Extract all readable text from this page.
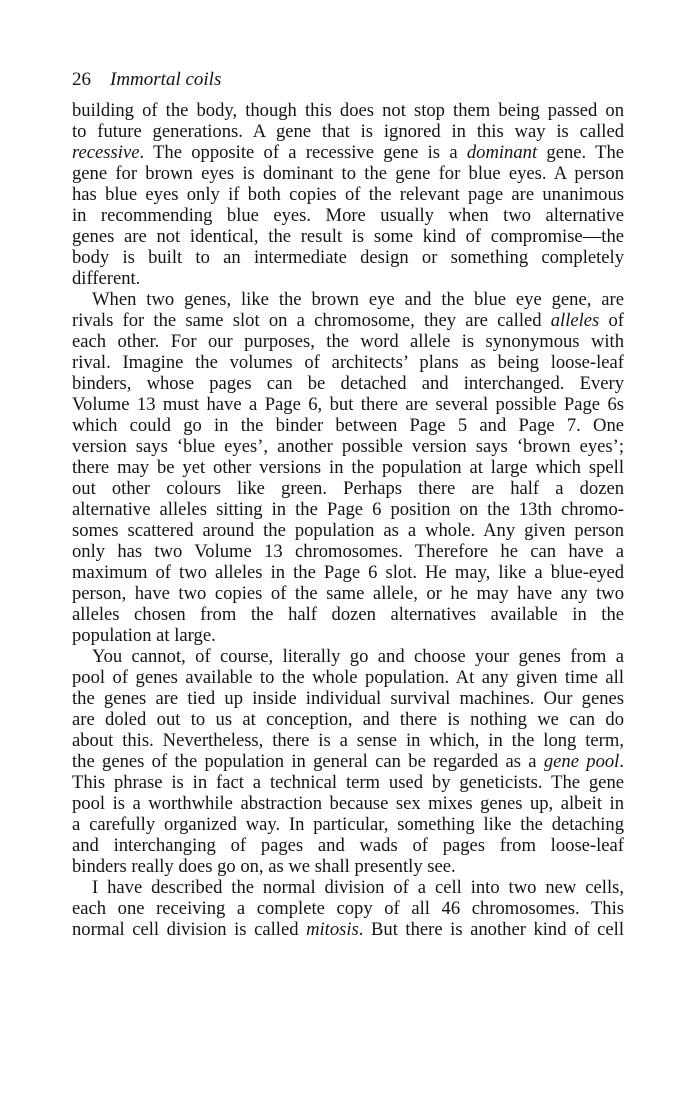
26 Immortal coils
building of the body, though this does not stop them being passed on
to future generations. A gene that is ignored in this way is called
recessive. The opposite of a recessive gene is a dominant gene. The
gene for brown eyes is dominant to the gene for blue eyes. A person
has blue eyes only if both copies of the relevant page are unanimous
in recommending blue eyes. More usually when two alternative
genes are not identical, the result is some kind of compromise—the
body is built to an intermediate design or something completely
different.
When two genes, like the brown eye and the blue eye gene, are
rivals for the same slot on a chromosome, they are called alleles of
each other. For our purposes, the word allele is synonymous with
rival. Imagine the volumes of architects’ plans as being loose-leaf
binders, whose pages can be detached and interchanged. Every
Volume 13 must have a Page 6, but there are several possible Page 6s
which could go in the binder between Page 5 and Page 7. One
version says ‘blue eyes’, another possible version says ‘brown eyes’;
there may be yet other versions in the population at large which spell
out other colours like green. Perhaps there are half a dozen
alternative alleles sitting in the Page 6 position on the 13th chromo-
somes scattered around the population as a whole. Any given person
only has two Volume 13 chromosomes. Therefore he can have a
maximum of two alleles in the Page 6 slot. He may, like a blue-eyed
person, have two copies of the same allele, or he may have any two
alleles chosen from the half dozen alternatives available in the
population at large.
You cannot, of course, literally go and choose your genes from a
pool of genes available to the whole population. At any given time all
the genes are tied up inside individual survival machines. Our genes
are doled out to us at conception, and there is nothing we can do
about this. Nevertheless, there is a sense in which, in the long term,
the genes of the population in general can be regarded as a gene pool.
This phrase is in fact a technical term used by geneticists. The gene
pool is a worthwhile abstraction because sex mixes genes up, albeit in
a carefully organized way. In particular, something like the detaching
and interchanging of pages and wads of pages from loose-leaf
binders really does go on, as we shall presently see.
I have described the normal division of a cell into two new cells,
each one receiving a complete copy of all 46 chromosomes. This
normal cell division is called mitosis. But there is another kind of cell
